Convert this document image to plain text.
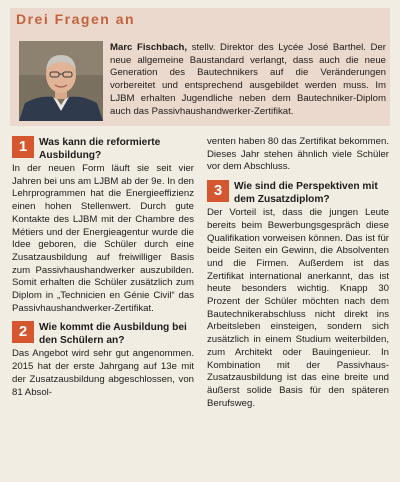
Drei Fragen an

Marc Fischbach, stellv. Direktor des Lycée José Barthel. Der neue allgemeine Baustandard verlangt, dass auch die neue Generation des Bautechnikers auf die Veränderungen vorbereitet und entsprechend ausgebildet werden muss. Im LJBM erhalten Jugendliche neben dem Bautechniker-Diplom auch das Passivhaushandwerker-Zertifikat.

1	Was kann die reformierte Ausbildung?

In der neuen Form läuft sie seit vier Jahren bei uns am LJBM ab der 9e. In den Lehrprogrammen hat die Energieeffizienz einen hohen Stellenwert. Durch gute Kontakte des LJBM mit der Chambre des Métiers und der Energieagentur wurde die Idee geboren, die Schüler durch eine Zusatzausbildung auf freiwilliger Basis zum Passivhaushandwerker auszubilden. Somit erhalten die Schüler zusätzlich zum Diplom in „Technicien en Génie Civil“ das Passivhaushandwerker-Zertifikat.

2	Wie kommt die Ausbildung bei den Schülern an?

Das Angebot wird sehr gut angenommen. 2015 hat der erste Jahrgang auf 13e mit der Zusatzausbildung abgeschlossen, von 81 Absol-

venten haben 80 das Zertifikat bekommen. Dieses Jahr stehen ähnlich viele Schüler vor dem Abschluss.

3	Wie sind die Perspektiven mit dem Zusatzdiplom?

Der Vorteil ist, dass die jungen Leute bereits beim Bewerbungsgespräch diese Qualifikation vorweisen können. Das ist für beide Seiten ein Gewinn, die Absolventen und die Firmen. Außerdem ist das Zertifikat international anerkannt, das ist heute besonders wichtig. Knapp 30 Prozent der Schüler möchten nach dem Bautechnikerabschluss nicht direkt ins Arbeitsleben einsteigen, sondern sich zusätzlich in einem Studium weiterbilden, zum Architekt oder Bauingenieur. In Kombination mit der Passivhaus-Zusatzausbildung ist das eine breite und äußerst solide Basis für den späteren Berufsweg.
